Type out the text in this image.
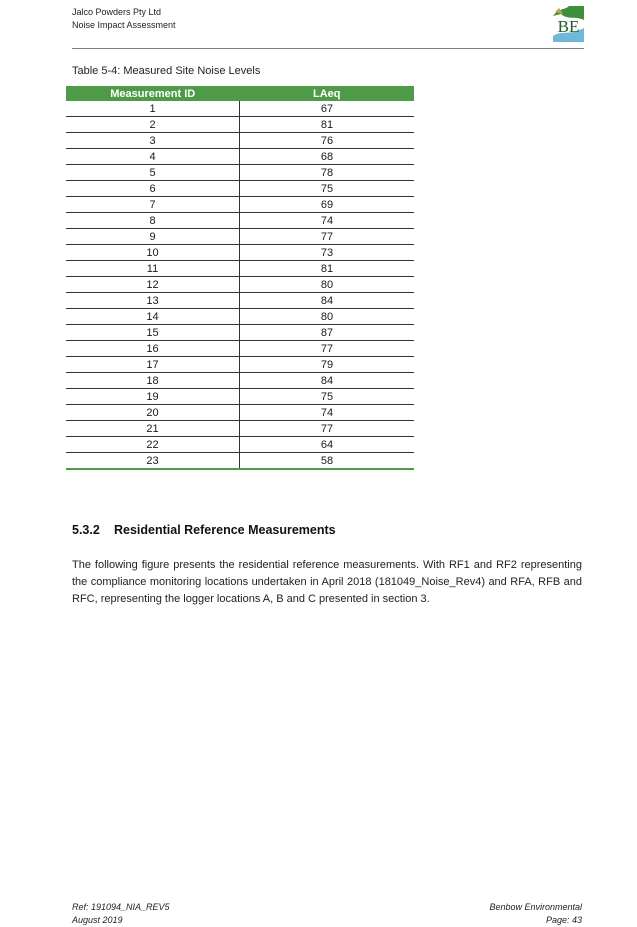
Jalco Powders Pty Ltd
Noise Impact Assessment	BE
Table 5-4: Measured Site Noise Levels
Measurement ID	LAeq
1	67
2	81
3	76
4	68
5	78
6	75
7	69
8	74
9	77
10	73
11	81
12	80
13	84
14	80
15	87
16	77
17	79
18	84
19	75
20	74
21	77
22	64
23	58
5.3.2 Residential Reference Measurements
The following figure presents the residential reference measurements. With RF1 and RF2 representing the compliance monitoring locations undertaken in April 2018 (181049_Noise_Rev4) and RFA, RFB and RFC, representing the logger locations A, B and C presented in section 3.
Ref: 191094_NIA_REV5
August 2019
Benbow Environmental
Page: 43
